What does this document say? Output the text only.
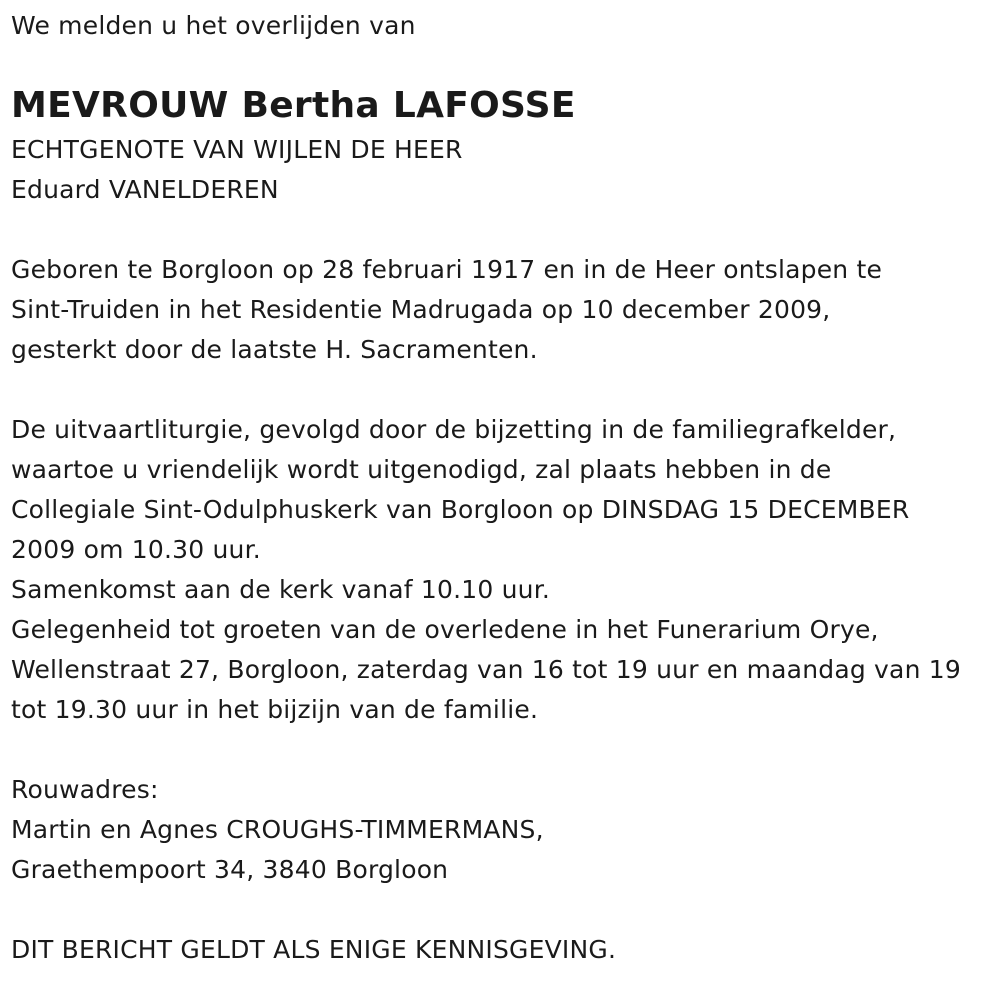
We melden u het overlijden van
MEVROUW Bertha LAFOSSE
ECHTGENOTE VAN WIJLEN DE HEER
Eduard VANELDEREN
Geboren te Borgloon op 28 februari 1917 en in de Heer ontslapen te
Sint-Truiden in het Residentie Madrugada op 10 december 2009,
gesterkt door de laatste H. Sacramenten.
De uitvaartliturgie, gevolgd door de bijzetting in de familiegrafkelder,
waartoe u vriendelijk wordt uitgenodigd, zal plaats hebben in de
Collegiale Sint-Odulphuskerk van Borgloon op DINSDAG 15 DECEMBER
2009 om 10.30 uur.
Samenkomst aan de kerk vanaf 10.10 uur.
Gelegenheid tot groeten van de overledene in het Funerarium Orye,
Wellenstraat 27, Borgloon, zaterdag van 16 tot 19 uur en maandag van 19
tot 19.30 uur in het bijzijn van de familie.
Rouwadres:
Martin en Agnes CROUGHS-TIMMERMANS,
Graethempoort 34, 3840 Borgloon
DIT BERICHT GELDT ALS ENIGE KENNISGEVING.
